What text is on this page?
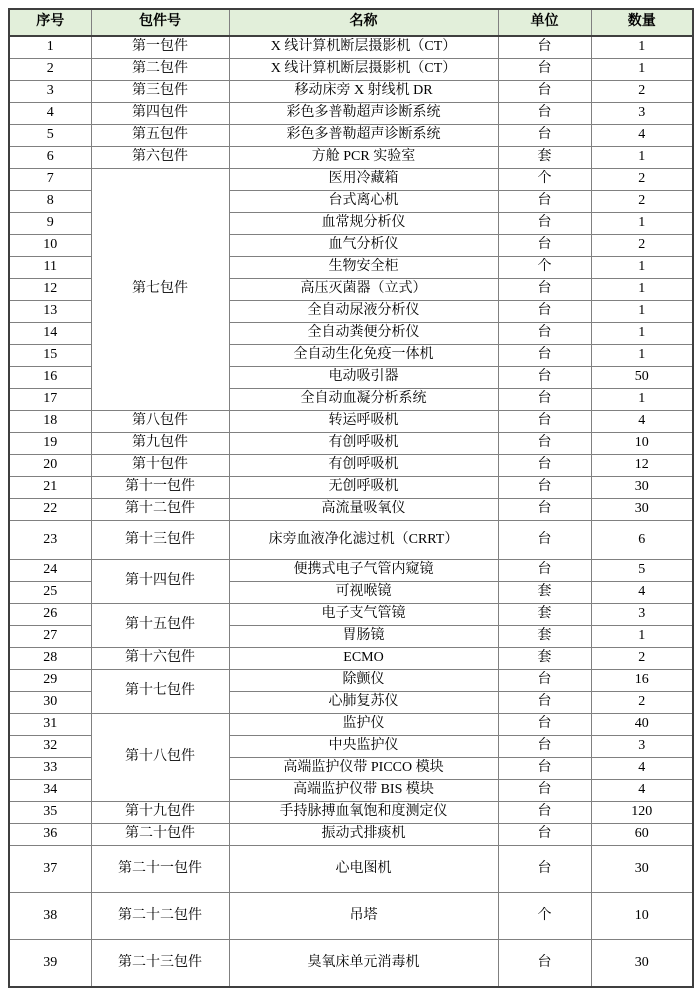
序号	包件号	名称	单位	数量
1	第一包件	X 线计算机断层摄影机（CT）	台	1
2	第二包件	X 线计算机断层摄影机（CT）	台	1
3	第三包件	移动床旁 X 射线机 DR	台	2
4	第四包件	彩色多普勒超声诊断系统	台	3
5	第五包件	彩色多普勒超声诊断系统	台	4
6	第六包件	方舱 PCR 实验室	套	1
7	第七包件	医用冷藏箱	个	2
8		台式离心机	台	2
9		血常规分析仪	台	1
10		血气分析仪	台	2
11		生物安全柜	个	1
12		高压灭菌器（立式）	台	1
13		全自动尿液分析仪	台	1
14		全自动粪便分析仪	台	1
15		全自动生化免疫一体机	台	1
16		电动吸引器	台	50
17		全自动血凝分析系统	台	1
18	第八包件	转运呼吸机	台	4
19	第九包件	有创呼吸机	台	10
20	第十包件	有创呼吸机	台	12
21	第十一包件	无创呼吸机	台	30
22	第十二包件	高流量吸氧仪	台	30
23	第十三包件	床旁血液净化滤过机（CRRT）	台	6
24	第十四包件	便携式电子气管内窥镜	台	5
25		可视喉镜	套	4
26	第十五包件	电子支气管镜	套	3
27		胃肠镜	套	1
28	第十六包件	ECMO	套	2
29	第十七包件	除颤仪	台	16
30		心肺复苏仪	台	2
31	第十八包件	监护仪	台	40
32		中央监护仪	台	3
33		高端监护仪带 PICCO 模块	台	4
34		高端监护仪带 BIS 模块	台	4
35	第十九包件	手持脉搏血氧饱和度测定仪	台	120
36	第二十包件	振动式排痰机	台	60
37	第二十一包件	心电图机	台	30
38	第二十二包件	吊塔	个	10
39	第二十三包件	臭氧床单元消毒机	台	30
